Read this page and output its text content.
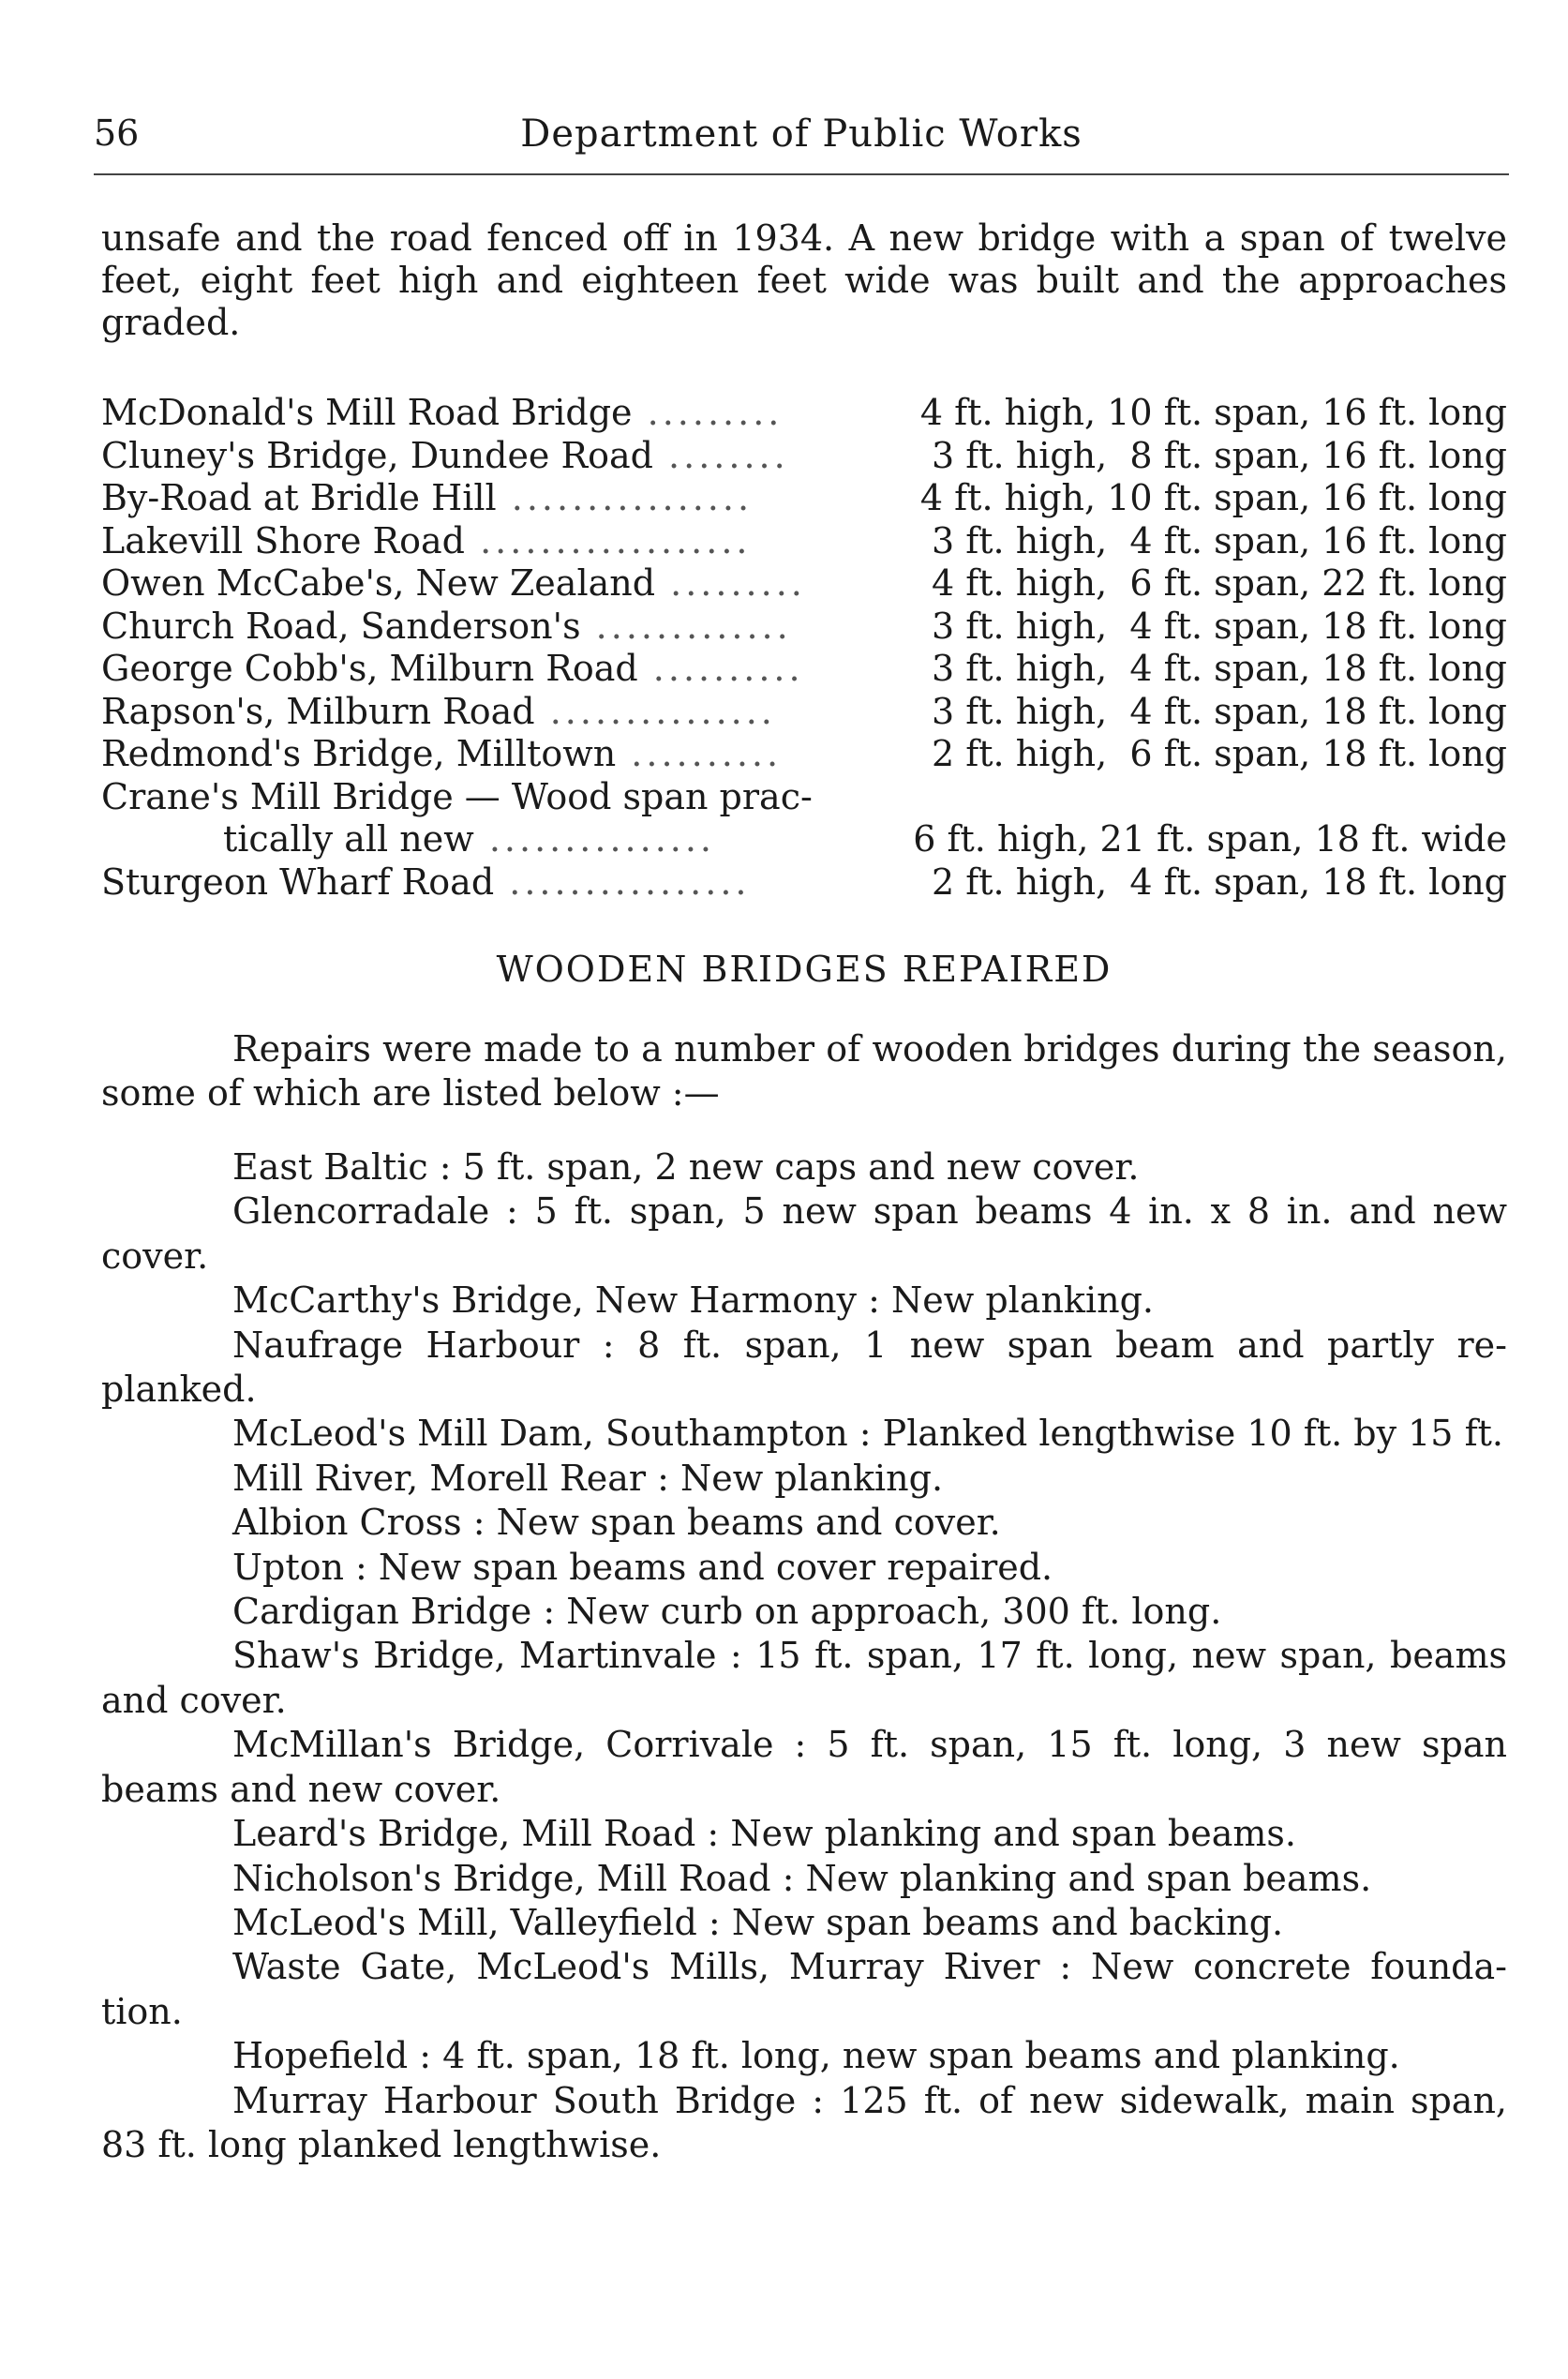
56	Department of Public Works

unsafe and the road fenced off in 1934. A new bridge with a span of twelve feet, eight feet high and eighteen feet wide was built and the approaches graded.

McDonald's Mill Road Bridge .........	4 ft. high, 10 ft. span, 16 ft. long
Cluney's Bridge, Dundee Road ........	3 ft. high,  8 ft. span, 16 ft. long
By-Road at Bridle Hill ................	4 ft. high, 10 ft. span, 16 ft. long
Lakevill Shore Road ..................	3 ft. high,  4 ft. span, 16 ft. long
Owen McCabe's, New Zealand .........	4 ft. high,  6 ft. span, 22 ft. long
Church Road, Sanderson's .............	3 ft. high,  4 ft. span, 18 ft. long
George Cobb's, Milburn Road ..........	3 ft. high,  4 ft. span, 18 ft. long
Rapson's, Milburn Road ...............	3 ft. high,  4 ft. span, 18 ft. long
Redmond's Bridge, Milltown ..........	2 ft. high,  6 ft. span, 18 ft. long
Crane's Mill Bridge — Wood span prac-
tically all new ...............	6 ft. high, 21 ft. span, 18 ft. wide
Sturgeon Wharf Road ................	2 ft. high,  4 ft. span, 18 ft. long
WOODEN BRIDGES REPAIRED

Repairs were made to a number of wooden bridges during the season, some of which are listed below :—

East Baltic : 5 ft. span, 2 new caps and new cover.

Glencorradale : 5 ft. span, 5 new span beams 4 in. x 8 in. and new cover.

McCarthy's Bridge, New Harmony : New planking.

Naufrage Harbour : 8 ft. span, 1 new span beam and partly re-planked.

McLeod's Mill Dam, Southampton : Planked lengthwise 10 ft. by 15 ft.

Mill River, Morell Rear : New planking.

Albion Cross : New span beams and cover.

Upton : New span beams and cover repaired.

Cardigan Bridge : New curb on approach, 300 ft. long.

Shaw's Bridge, Martinvale : 15 ft. span, 17 ft. long, new span, beams and cover.

McMillan's Bridge, Corrivale : 5 ft. span, 15 ft. long, 3 new span beams and new cover.

Leard's Bridge, Mill Road : New planking and span beams.

Nicholson's Bridge, Mill Road : New planking and span beams.

McLeod's Mill, Valleyfield : New span beams and backing.

Waste Gate, McLeod's Mills, Murray River : New concrete founda-tion.

Hopefield : 4 ft. span, 18 ft. long, new span beams and planking.

Murray Harbour South Bridge : 125 ft. of new sidewalk, main span, 83 ft. long planked lengthwise.
